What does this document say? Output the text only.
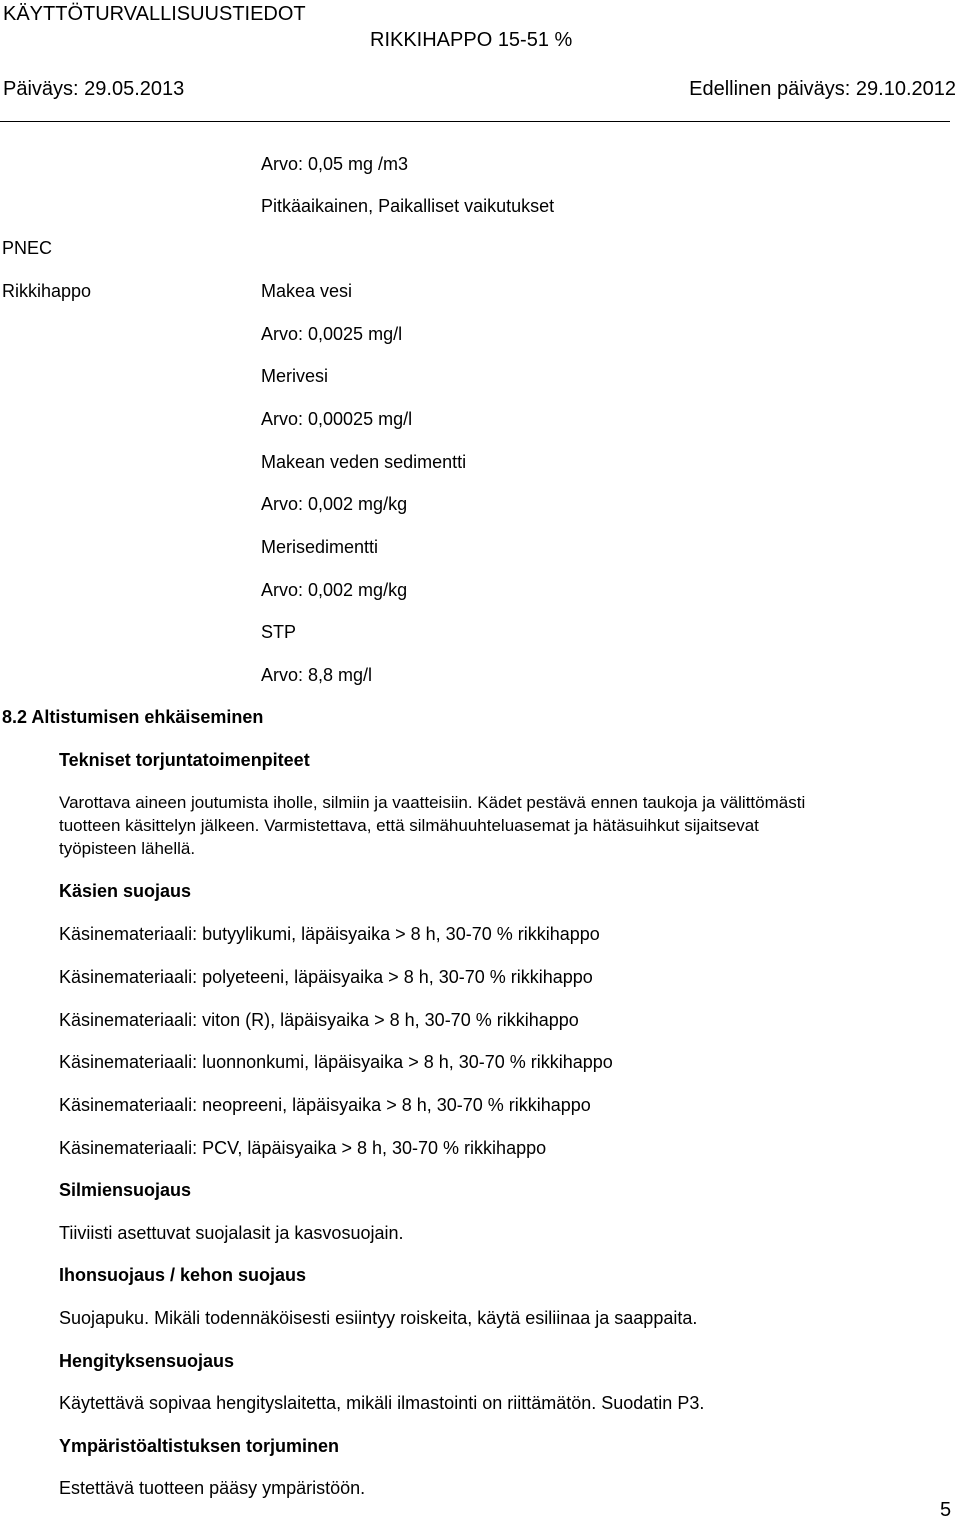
KÄYTTÖTURVALLISUUSTIEDOT
RIKKIHAPPO 15-51 %
Päiväys: 29.05.2013	Edellinen päiväys: 29.10.2012
Arvo: 0,05 mg /m3
Pitkäaikainen, Paikalliset vaikutukset
PNEC
Rikkihappo	Makea vesi
Arvo: 0,0025 mg/l
Merivesi
Arvo: 0,00025 mg/l
Makean veden sedimentti
Arvo: 0,002 mg/kg
Merisedimentti
Arvo: 0,002 mg/kg
STP
Arvo: 8,8 mg/l
8.2 Altistumisen ehkäiseminen
Tekniset torjuntatoimenpiteet
Varottava aineen joutumista iholle, silmiin ja vaatteisiin. Kädet pestävä ennen taukoja ja välittömästi
tuotteen käsittelyn jälkeen. Varmistettava, että silmähuuhteluasemat ja hätäsuihkut sijaitsevat
työpisteen lähellä.
Käsien suojaus
Käsinemateriaali: butyylikumi, läpäisyaika > 8 h, 30-70 % rikkihappo
Käsinemateriaali: polyeteeni, läpäisyaika > 8 h, 30-70 % rikkihappo
Käsinemateriaali: viton (R), läpäisyaika > 8 h, 30-70 % rikkihappo
Käsinemateriaali: luonnonkumi, läpäisyaika > 8 h, 30-70 % rikkihappo
Käsinemateriaali: neopreeni, läpäisyaika > 8 h, 30-70 % rikkihappo
Käsinemateriaali: PCV, läpäisyaika > 8 h, 30-70 % rikkihappo
Silmiensuojaus
Tiiviisti asettuvat suojalasit ja kasvosuojain.
Ihonsuojaus / kehon suojaus
Suojapuku. Mikäli todennäköisesti esiintyy roiskeita, käytä esiliinaa ja saappaita.
Hengityksensuojaus
Käytettävä sopivaa hengityslaitetta, mikäli ilmastointi on riittämätön. Suodatin P3.
Ympäristöaltistuksen torjuminen
Estettävä tuotteen pääsy ympäristöön.
5
